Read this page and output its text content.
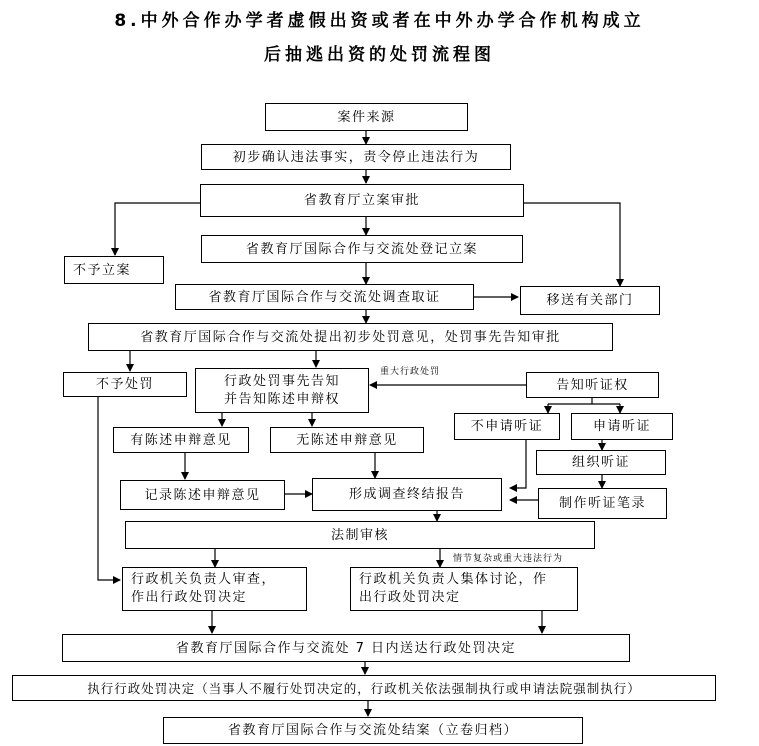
8.中外合作办学者虚假出资或者在中外办学合作机构成立
后抽逃出资的处罚流程图
案件来源
初步确认违法事实，责令停止违法行为
省教育厅立案审批
省教育厅国际合作与交流处登记立案
不予立案
省教育厅国际合作与交流处调查取证	移送有关部门
省教育厅国际合作与交流处提出初步处罚意见，处罚事先告知审批
不予处罚	行政处罚事先告知
并告知陈述申辩权
告知听证权
不申请听证	申请听证
有陈述申辩意见	无陈述申辩意见
组织听证
记录陈述申辩意见	形成调查终结报告
制作听证笔录
法制审核
行政机关负责人审查，
作出行政处罚决定
行政机关负责人集体讨论，作
出行政处罚决定
省教育厅国际合作与交流处 7 日内送达行政处罚决定
执行行政处罚决定（当事人不履行处罚决定的，行政机关依法强制执行或申请法院强制执行）
省教育厅国际合作与交流处结案（立卷归档）
重大行政处罚
情节复杂或重大违法行为
